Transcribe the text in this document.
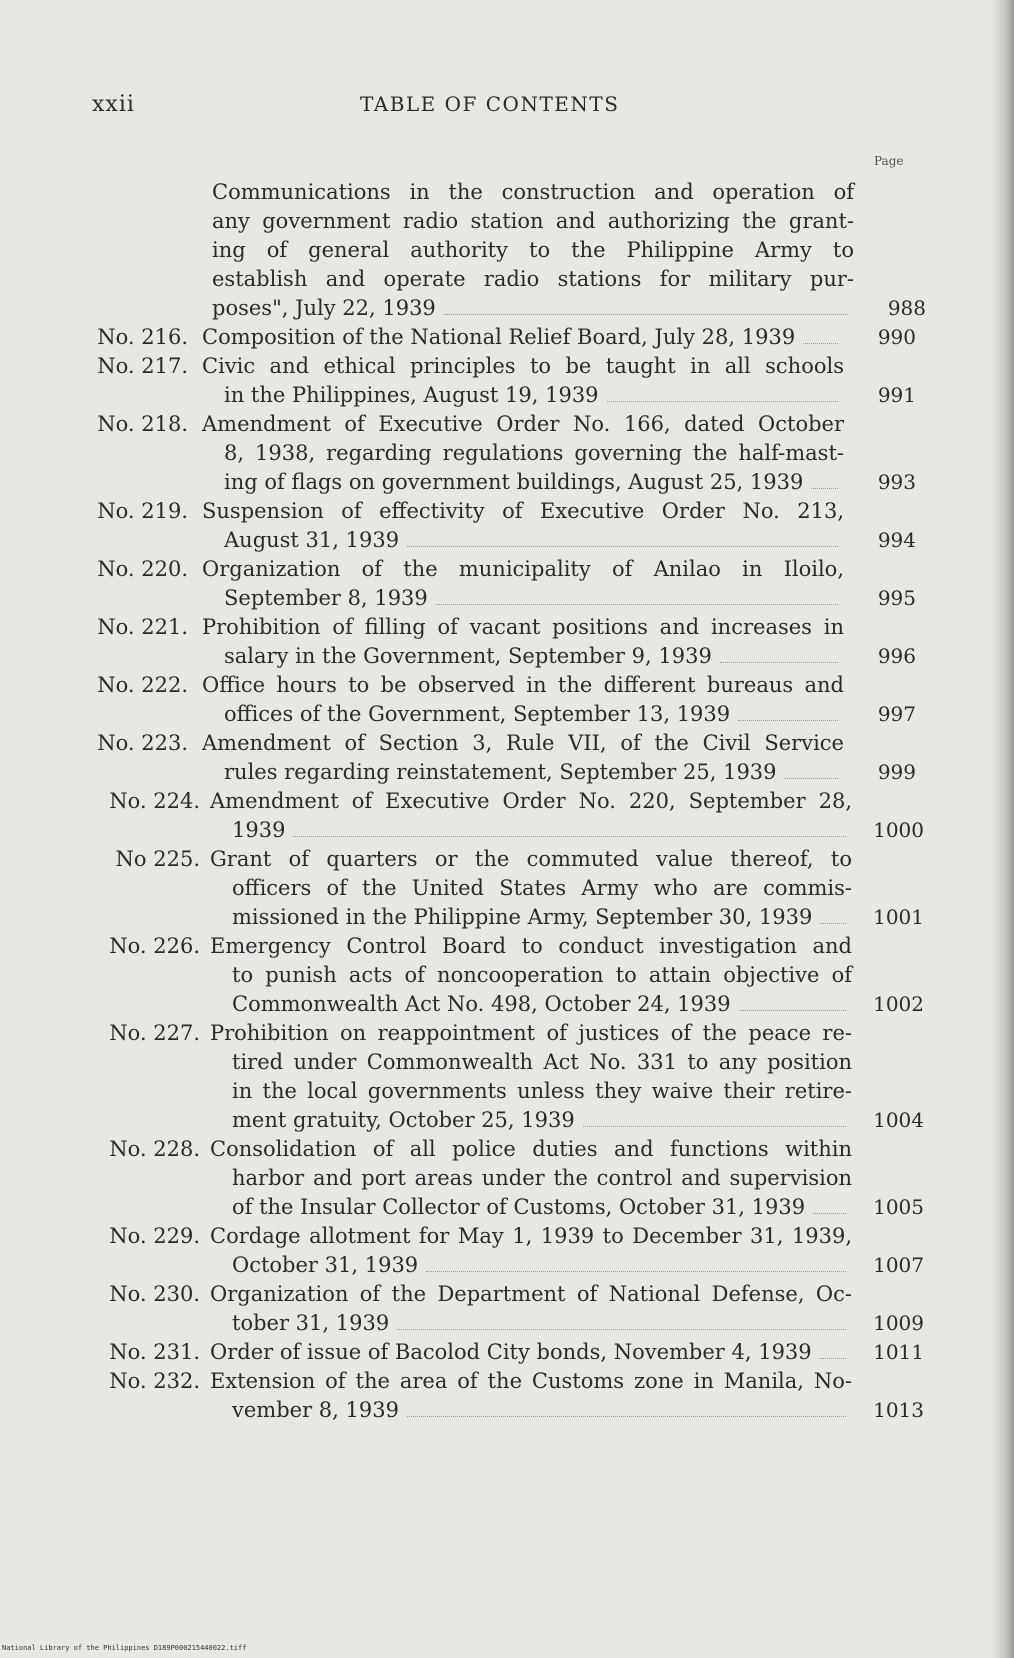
xxii	TABLE OF CONTENTS
Page
Communications in the construction and operation of
any government radio station and authorizing the grant-
ing of general authority to the Philippine Army to
establish and operate radio stations for military pur-
poses", July 22, 1939	988
No. 216. Composition of the National Relief Board, July 28, 1939	990
No. 217. Civic and ethical principles to be taught in all schools
in the Philippines, August 19, 1939	991
No. 218. Amendment of Executive Order No. 166, dated October
8, 1938, regarding regulations governing the half-mast-
ing of flags on government buildings, August 25, 1939	993
No. 219. Suspension of effectivity of Executive Order No. 213,
August 31, 1939	994
No. 220. Organization of the municipality of Anilao in Iloilo,
September 8, 1939	995
No. 221. Prohibition of filling of vacant positions and increases in
salary in the Government, September 9, 1939	996
No. 222. Office hours to be observed in the different bureaus and
offices of the Government, September 13, 1939	997
No. 223. Amendment of Section 3, Rule VII, of the Civil Service
rules regarding reinstatement, September 25, 1939	999
No. 224. Amendment of Executive Order No. 220, September 28,
1939	1000
No 225. Grant of quarters or the commuted value thereof, to
officers of the United States Army who are commis-
missioned in the Philippine Army, September 30, 1939	1001
No. 226. Emergency Control Board to conduct investigation and
to punish acts of noncooperation to attain objective of
Commonwealth Act No. 498, October 24, 1939	1002
No. 227. Prohibition on reappointment of justices of the peace re-
tired under Commonwealth Act No. 331 to any position
in the local governments unless they waive their retire-
ment gratuity, October 25, 1939	1004
No. 228. Consolidation of all police duties and functions within
harbor and port areas under the control and supervision
of the Insular Collector of Customs, October 31, 1939	1005
No. 229. Cordage allotment for May 1, 1939 to December 31, 1939,
October 31, 1939	1007
No. 230. Organization of the Department of National Defense, Oc-
tober 31, 1939	1009
No. 231. Order of issue of Bacolod City bonds, November 4, 1939	1011
No. 232. Extension of the area of the Customs zone in Manila, No-
vember 8, 1939	1013
National Library of the Philippines D189P000215440022.tiff
